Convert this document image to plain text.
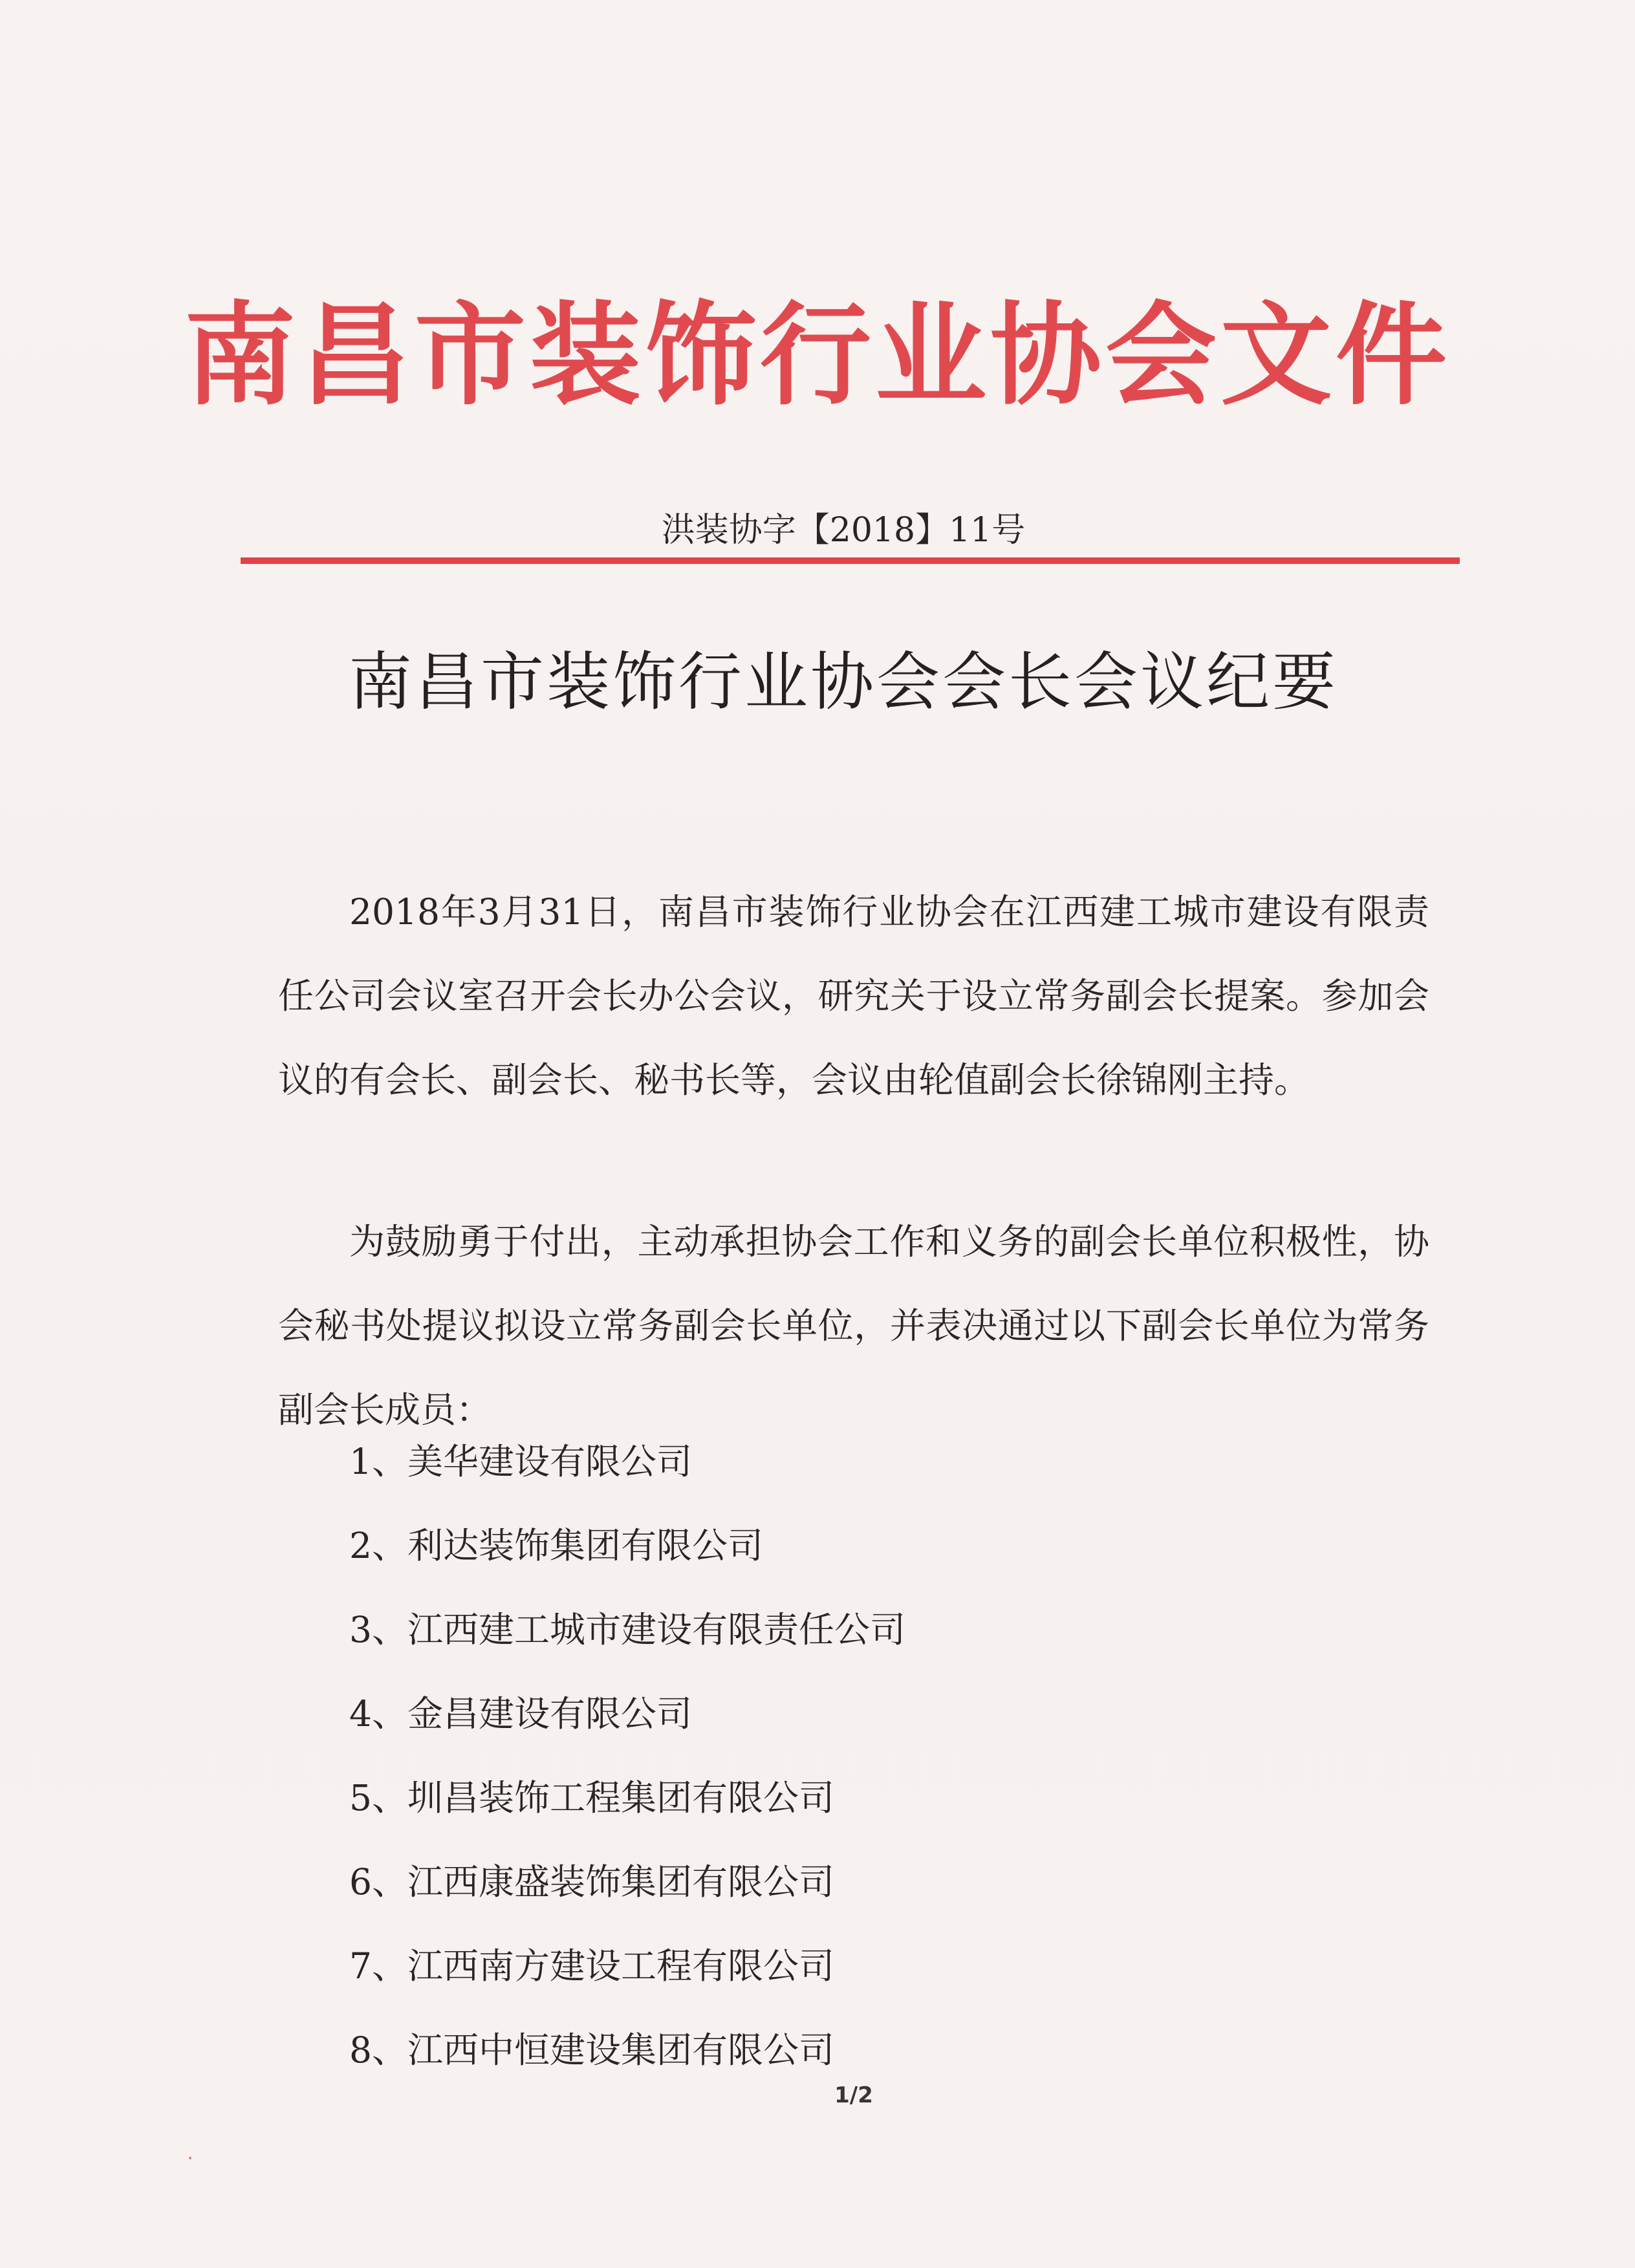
南昌市装饰行业协会文件
洪装协字【2018】11号
南昌市装饰行业协会会长会议纪要

2018年3月31日，南昌市装饰行业协会在江西建工城市建设有限责任公司会议室召开会长办公会议，研究关于设立常务副会长提案。参加会议的有会长、副会长、秘书长等，会议由轮值副会长徐锦刚主持。

为鼓励勇于付出，主动承担协会工作和义务的副会长单位积极性，协会秘书处提议拟设立常务副会长单位，并表决通过以下副会长单位为常务副会长成员：

1、美华建设有限公司
2、利达装饰集团有限公司
3、江西建工城市建设有限责任公司
4、金昌建设有限公司
5、圳昌装饰工程集团有限公司
6、江西康盛装饰集团有限公司
7、江西南方建设工程有限公司
8、江西中恒建设集团有限公司
1/2
